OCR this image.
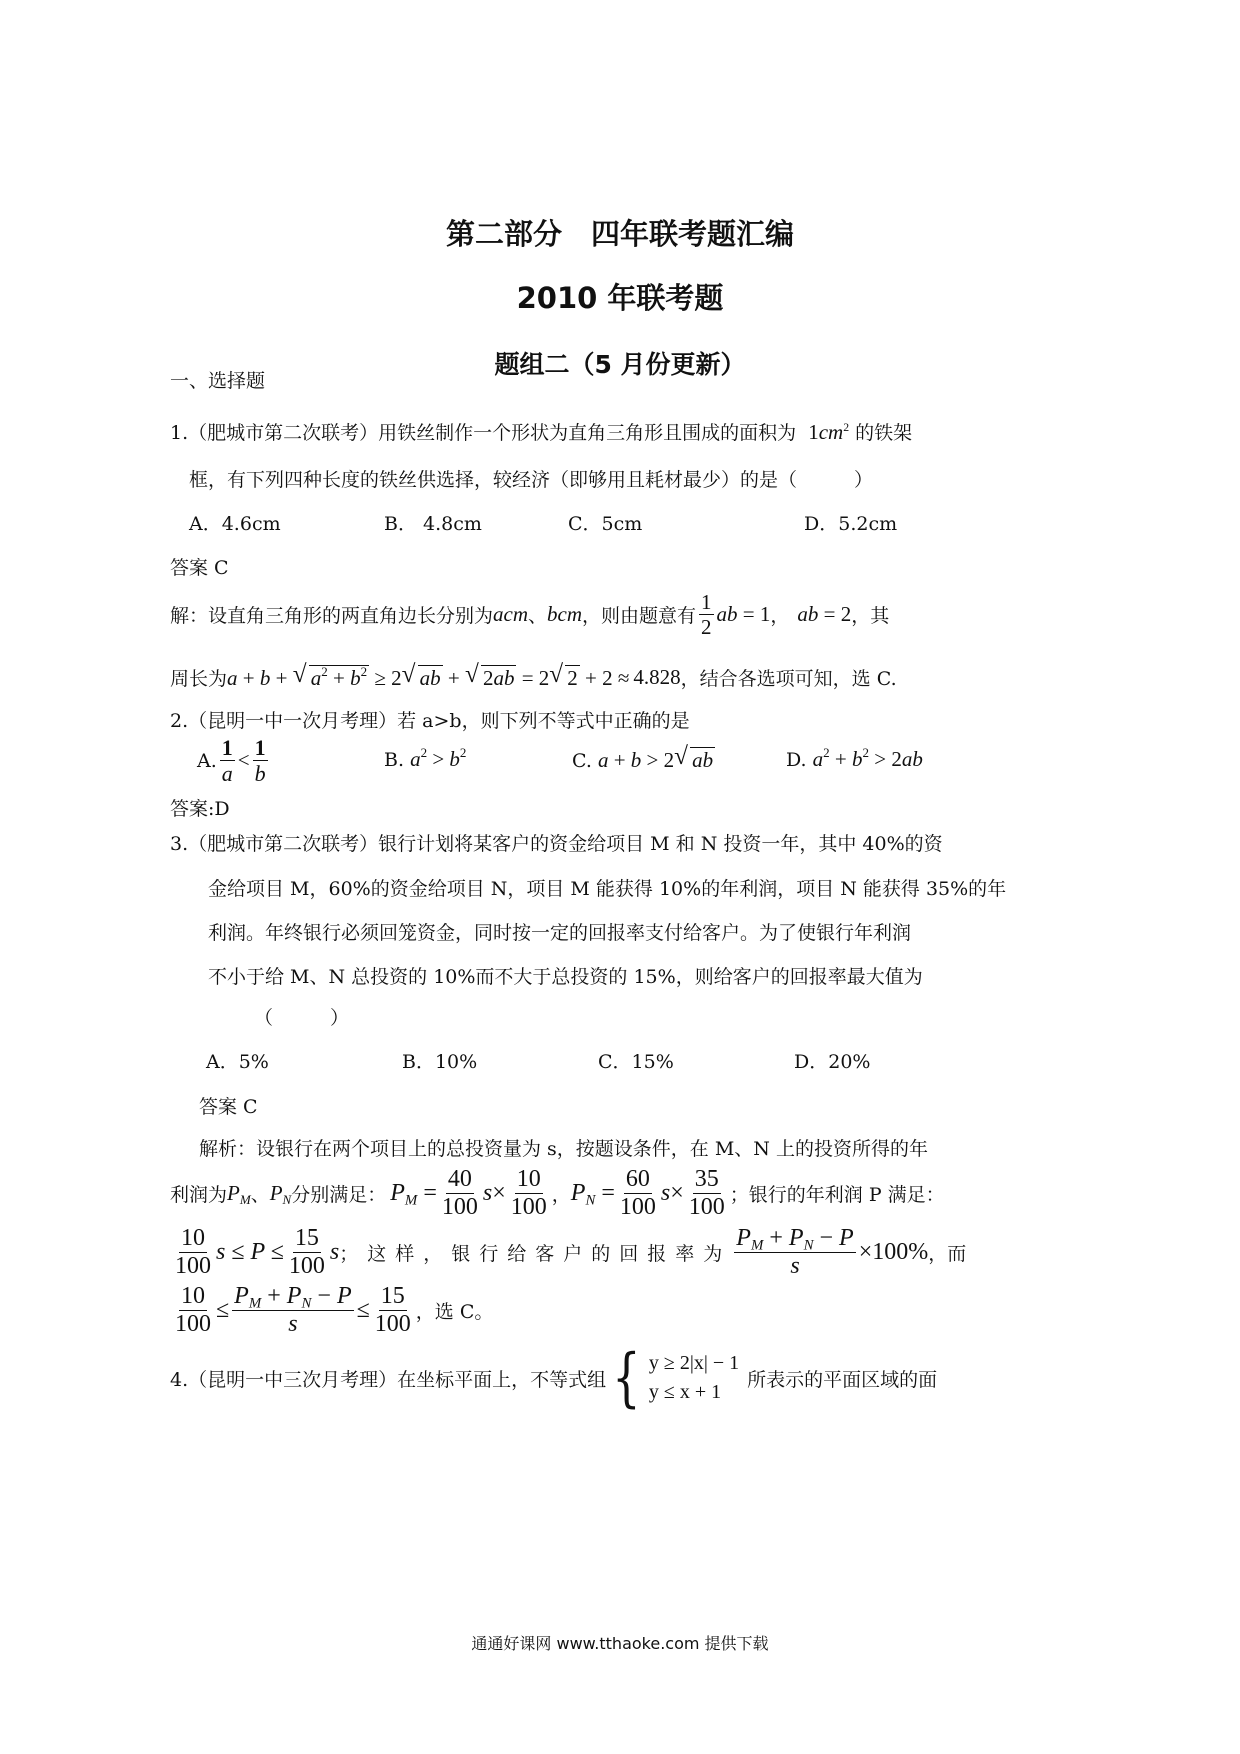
第二部分　四年联考题汇编
2010 年联考题
题组二（5 月份更新）
一、选择题
1.（肥城市第二次联考）用铁丝制作一个形状为直角三角形且围成的面积为 $1cm^2$ 的铁架
框，有下列四种长度的铁丝供选择，较经济（即够用且耗材最少）的是（　　　）
A．4.6cm	B． 4.8cm	C．5cm	D．5.2cm
答案 C
解：设直角三角形的两直角边长分别为 acm 、 bcm ，则由题意有 $\frac{1}{2}$ ab = 1 ， ab = 2 ，其
周长为 a + b + √ $a^2 + b^2 \ge 2√$ ab + √ 2ab = 2√ 2 + 2 ≈ 4.828 ，结合各选项可知，选 C.
2.（昆明一中一次月考理）若 a>b，则下列不等式中正确的是
A. $\frac{1}{a} < \frac{1}{b}$	B. $a^2 > b^2$	C. a + b > 2√ ab	D. $a^2 + b^2 > 2ab$
答案:D
3.（肥城市第二次联考）银行计划将某客户的资金给项目 M 和 N 投资一年，其中 40%的资
金给项目 M，60%的资金给项目 N，项目 M 能获得 10%的年利润，项目 N 能获得 35%的年
利润。年终银行必须回笼资金，同时按一定的回报率支付给客户。为了使银行年利润
不小于给 M、N 总投资的 10%而不大于总投资的 15%，则给客户的回报率最大值为
（　　　）
A．5%	B．10%	C．15%	D．20%
答案 C
解析：设银行在两个项目上的总投资量为 s，按题设条件，在 M、N 上的投资所得的年
利润为 $P_M$ 、 $P_N$ 分别满足： $P_M = \frac{40}{100} s\times \frac{10}{100}$ ， $P_N = \frac{60}{100} s\times \frac{35}{100}$ ；银行的年利润 P 满足：
$\frac{10}{100}$ $s \le P \le \frac{15}{100}$ s ；这样，银行给客户的回报率为 $\frac{P_M + P_N - P}{s} \times 100\%$ ，而
$\frac{10}{100} \le \frac{P_M + P_N - P}{s} \le \frac{15}{100}$ ，选 C。
4.（昆明一中三次月考理）在坐标平面上，不等式组 { y ≥ 2|x| − 1
y ≤ x + 1
所表示的平面区域的面
通通好课网 www.tthaoke.com 提供下载
